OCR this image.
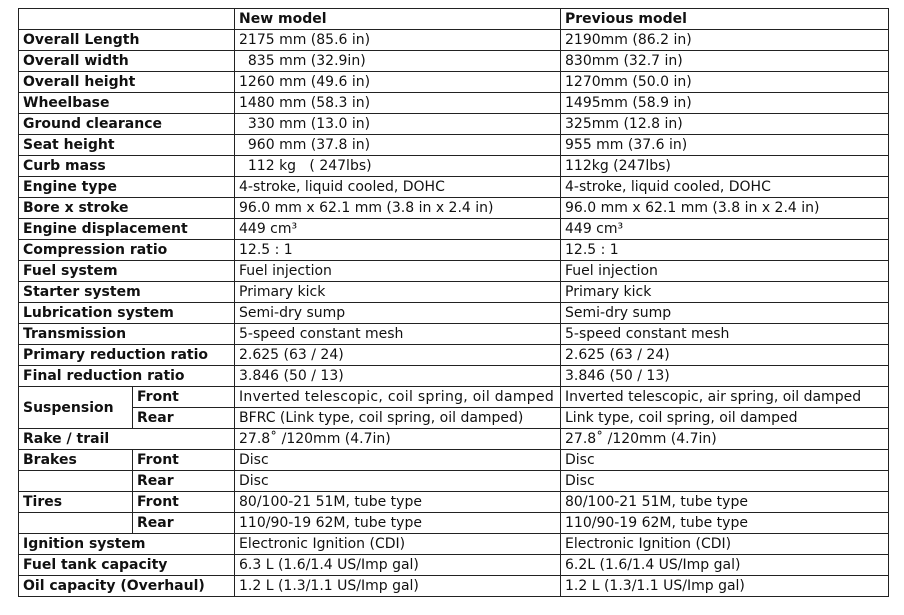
		New model	Previous model
Overall Length		2175 mm (85.6 in)	2190mm (86.2 in)
Overall width		835 mm (32.9in)	830mm (32.7 in)
Overall height		1260 mm (49.6 in)	1270mm (50.0 in)
Wheelbase		1480 mm (58.3 in)	1495mm (58.9 in)
Ground clearance		330 mm (13.0 in)	325mm (12.8 in)
Seat height		960 mm (37.8 in)	955 mm (37.6 in)
Curb mass		112 kg   ( 247lbs)	112kg (247lbs)
Engine type		4-stroke, liquid cooled, DOHC	4-stroke, liquid cooled, DOHC
Bore x stroke		96.0 mm x 62.1 mm (3.8 in x 2.4 in)	96.0 mm x 62.1 mm (3.8 in x 2.4 in)
Engine displacement		449 cm³	449 cm³
Compression ratio		12.5 : 1	12.5 : 1
Fuel system		Fuel injection	Fuel injection
Starter system		Primary kick	Primary kick
Lubrication system		Semi-dry sump	Semi-dry sump
Transmission		5-speed constant mesh	5-speed constant mesh
Primary reduction ratio		2.625 (63 / 24)	2.625 (63 / 24)
Final reduction ratio		3.846 (50 / 13)	3.846 (50 / 13)
Suspension	Front	Inverted telescopic, coil spring, oil damped	Inverted telescopic, air spring, oil damped
	Rear	BFRC (Link type, coil spring, oil damped)	Link type, coil spring, oil damped
Rake / trail		27.8˚ /120mm (4.7in)	27.8˚ /120mm (4.7in)
Brakes	Front	Disc	Disc
	Rear	Disc	Disc
Tires	Front	80/100-21 51M, tube type	80/100-21 51M, tube type
	Rear	110/90-19 62M, tube type	110/90-19 62M, tube type
Ignition system		Electronic Ignition (CDI)	Electronic Ignition (CDI)
Fuel tank capacity		6.3 L (1.6/1.4 US/Imp gal)	6.2L (1.6/1.4 US/Imp gal)
Oil capacity (Overhaul)		1.2 L (1.3/1.1 US/Imp gal)	1.2 L (1.3/1.1 US/Imp gal)
